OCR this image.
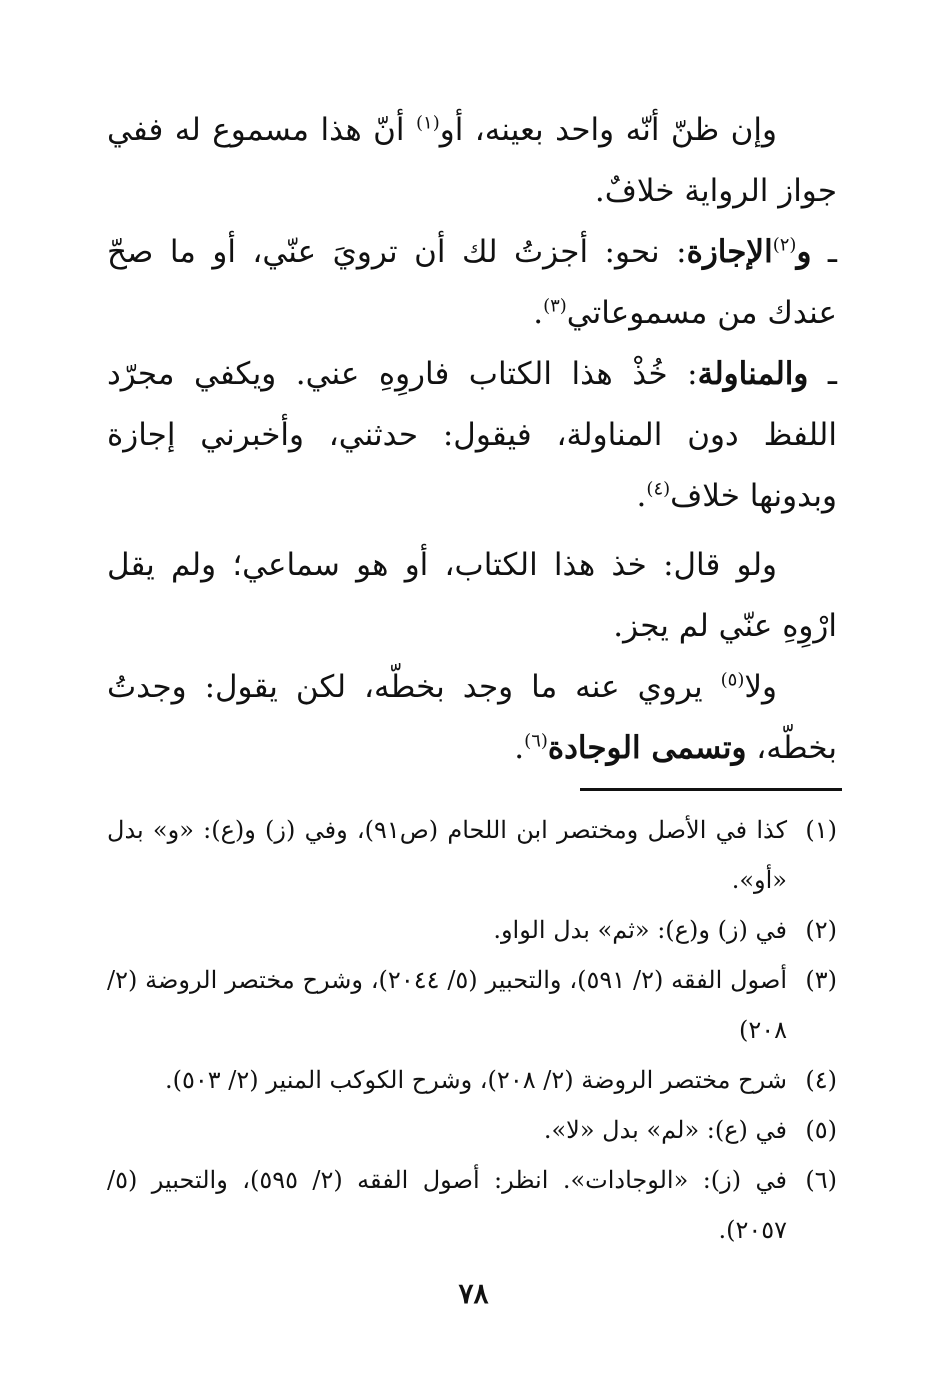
وإن ظنّ أنّه واحد بعينه، أو$^{(١)}$ أنّ هذا مسموع له ففي جواز الرواية خلافٌ.

ـ و$^{(٢)}$الإجازة: نحو: أجزتُ لك أن ترويَ عنّي، أو ما صحّ عندك من مسموعاتي$^{(٣)}$.

ـ والمناولة: خُذْ هذا الكتاب فاروِهِ عني. ويكفي مجرّد اللفظ دون المناولة، فيقول: حدثني، وأخبرني إجازة وبدونها خلاف$^{(٤)}$.

ولو قال: خذ هذا الكتاب، أو هو سماعي؛ ولم يقل ارْوِهِ عنّي لم يجز.

ولا$^{(٥)}$ يروي عنه ما وجد بخطّه، لكن يقول: وجدتُ بخطّه، وتسمى الوجادة$^{(٦)}$.

(١)
كذا في الأصل ومختصر ابن اللحام (ص٩١)، وفي (ز) و(ع): «و» بدل «أو».
(٢)
في (ز) و(ع): «ثم» بدل الواو.
(٣)
أصول الفقه (٢/ ٥٩١)، والتحبير (٥/ ٢٠٤٤)، وشرح مختصر الروضة (٢/ ٢٠٨)
(٤)
شرح مختصر الروضة (٢/ ٢٠٨)، وشرح الكوكب المنير (٢/ ٥٠٣).
(٥)
في (ع): «لم» بدل «لا».
(٦)
في (ز): «الوجادات». انظر: أصول الفقه (٢/ ٥٩٥)، والتحبير (٥/ ٢٠٥٧).
٧٨
